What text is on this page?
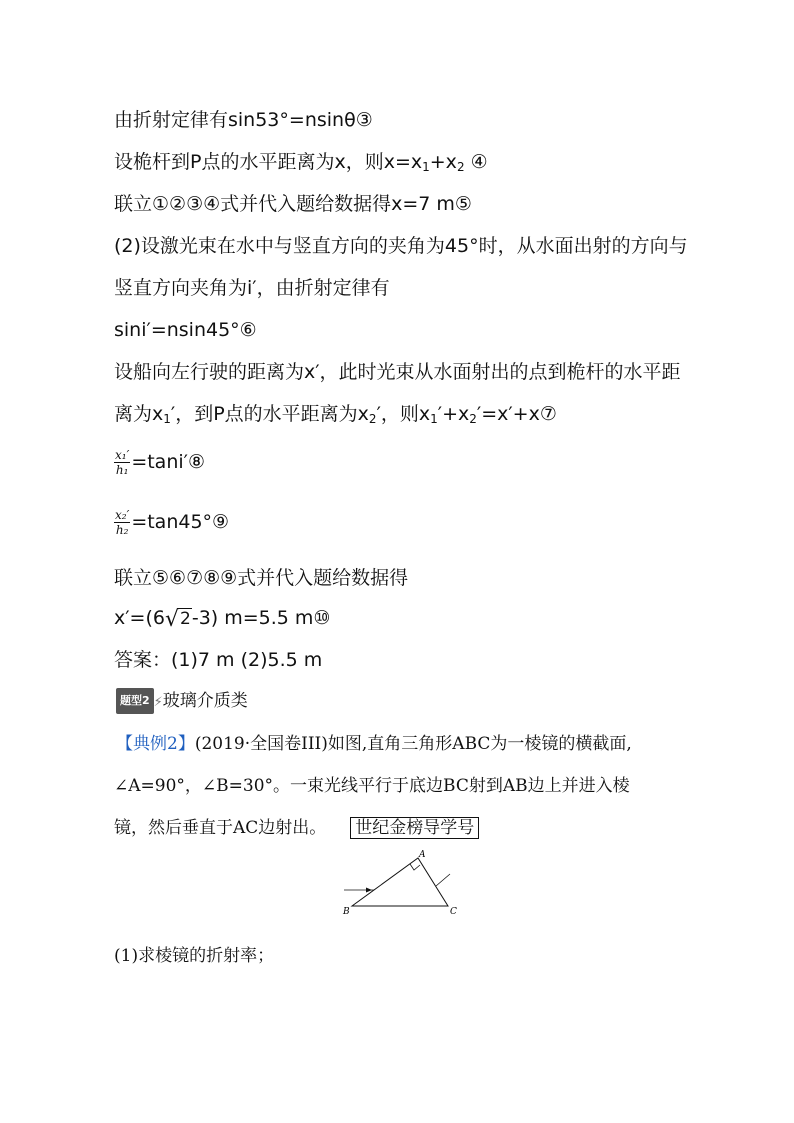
由折射定律有sin53°=nsinθ③
设桅杆到P点的水平距离为x，则$x=x_1+x_2$ ④
联立①②③④式并代入题给数据得x=7 m⑤
(2)设激光束在水中与竖直方向的夹角为45°时，从水面出射的方向与
竖直方向夹角为i′，由折射定律有
sini′=nsin45°⑥
设船向左行驶的距离为x′，此时光束从水面射出的点到桅杆的水平距
离为$x_1'$，到P点的水平距离为$x_2'$，则$x_1'+x_2'=x'+x⑦$
$\frac{\text{x₁′}}{\text{h₁}}$ =tani′⑧
$\frac{\text{x₂′}}{\text{h₂}}$ =tan45°⑨
联立⑤⑥⑦⑧⑨式并代入题给数据得
x′=(6√2-3) m=5.5 m⑩
答案：(1)7 m (2)5.5 m
题型2 ⚡玻璃介质类
【典例2】(2019·全国卷III)如图,直角三角形ABC为一棱镜的横截面,
∠A=90°，∠B=30°。一束光线平行于底边BC射到AB边上并进入棱
镜，然后垂直于AC边射出。 世纪金榜导学号
A
B	C
(1)求棱镜的折射率；
